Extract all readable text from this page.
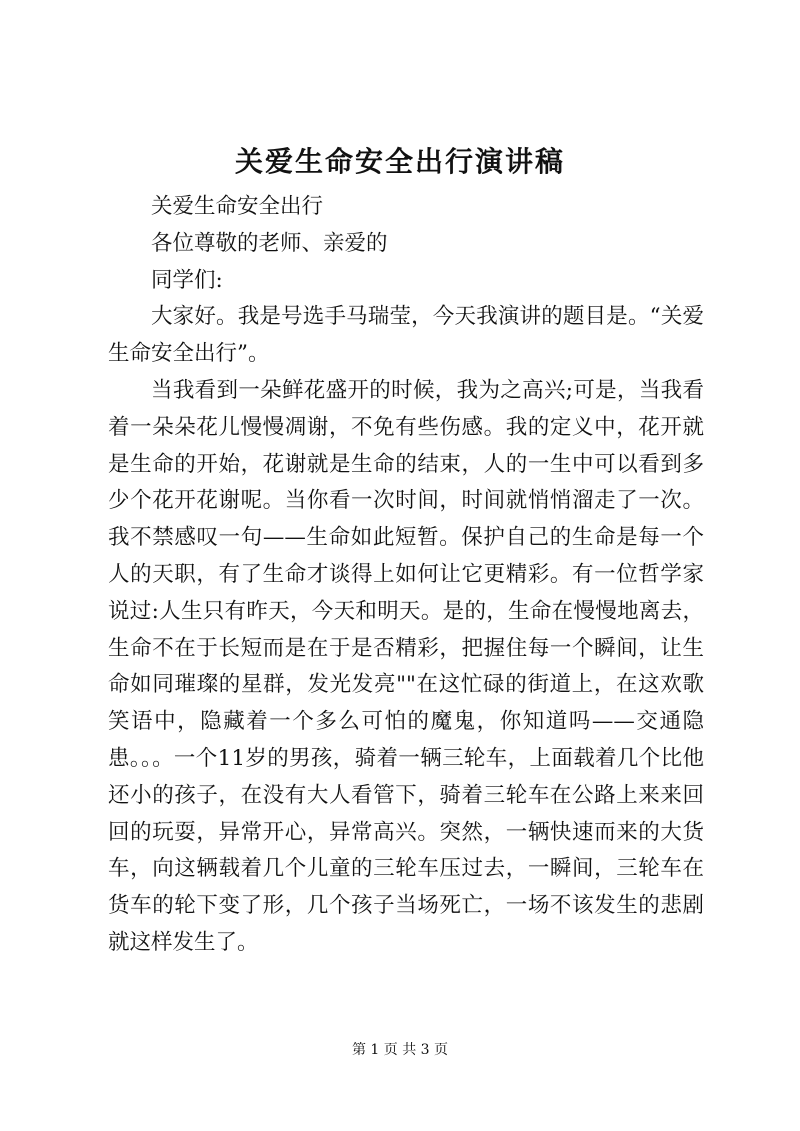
关爱生命安全出行演讲稿

关爱生命安全出行

各位尊敬的老师、亲爱的

同学们:

大家好。我是号选手马瑞莹，今天我演讲的题目是。“关爱生命安全出行”。

当我看到一朵鲜花盛开的时候，我为之高兴;可是，当我看着一朵朵花儿慢慢凋谢，不免有些伤感。我的定义中，花开就是生命的开始，花谢就是生命的结束，人的一生中可以看到多少个花开花谢呢。当你看一次时间，时间就悄悄溜走了一次。我不禁感叹一句——生命如此短暂。保护自己的生命是每一个人的天职，有了生命才谈得上如何让它更精彩。有一位哲学家说过:人生只有昨天，今天和明天。是的，生命在慢慢地离去，生命不在于长短而是在于是否精彩，把握住每一个瞬间，让生命如同璀璨的星群，发光发亮""在这忙碌的街道上，在这欢歌笑语中，隐藏着一个多么可怕的魔鬼，你知道吗——交通隐患。。。一个11岁的男孩，骑着一辆三轮车，上面载着几个比他还小的孩子，在没有大人看管下，骑着三轮车在公路上来来回回的玩耍，异常开心，异常高兴。突然，一辆快速而来的大货车，向这辆载着几个儿童的三轮车压过去，一瞬间，三轮车在货车的轮下变了形，几个孩子当场死亡，一场不该发生的悲剧就这样发生了。

第 1 页 共 3 页
